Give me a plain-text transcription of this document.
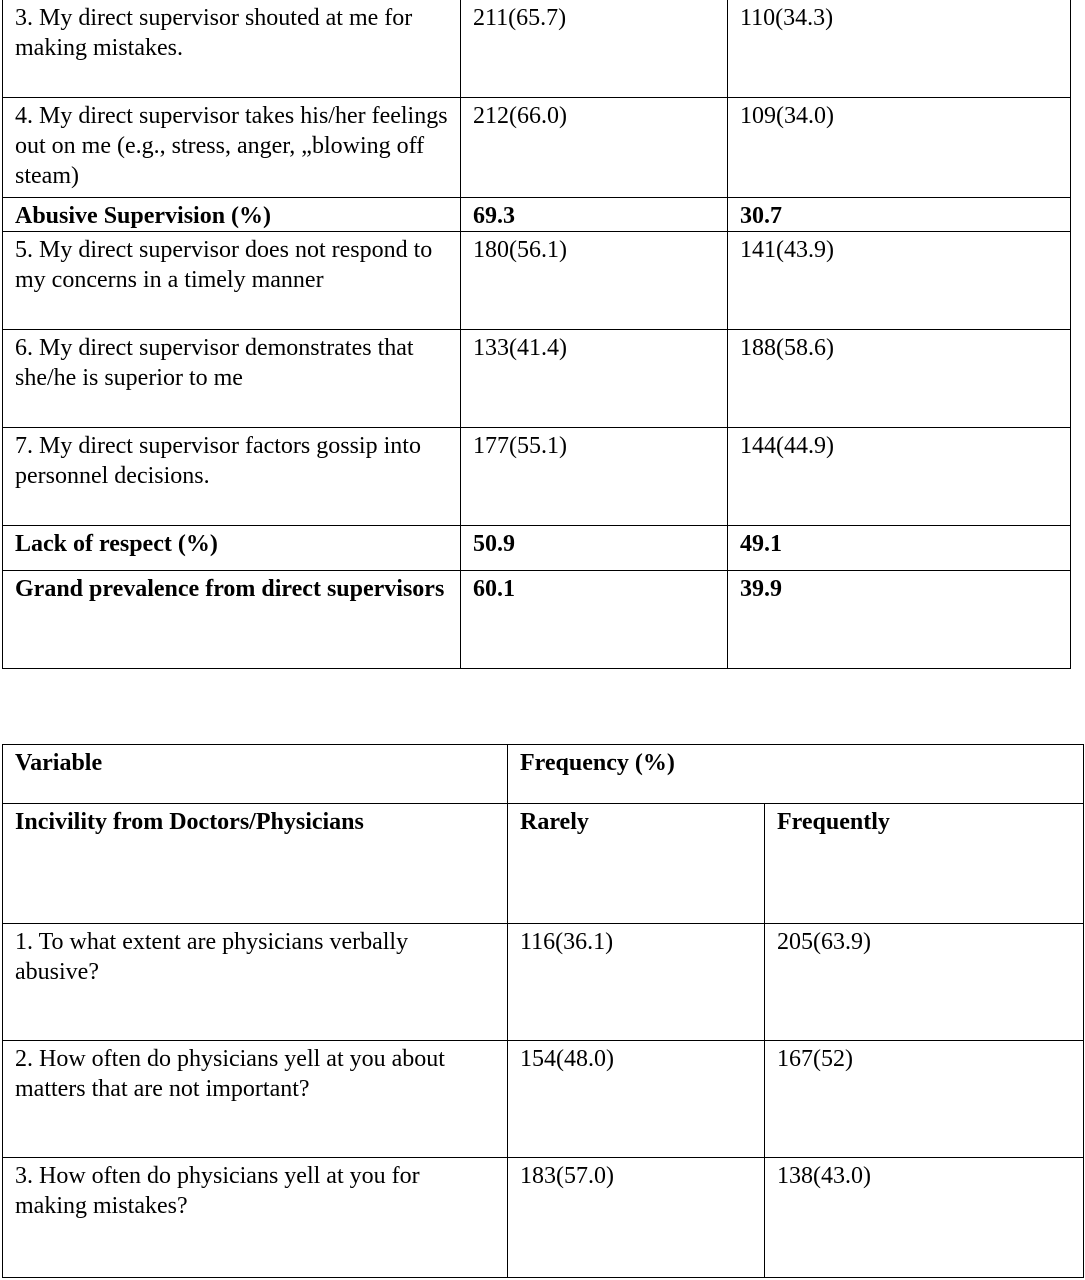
3. My direct supervisor shouted at me for making mistakes.	211(65.7)	110(34.3)
4. My direct supervisor takes his/her feelings out on me (e.g., stress, anger, „blowing off steam)	212(66.0)	109(34.0)
Abusive Supervision (%)	69.3	30.7
5. My direct supervisor does not respond to my concerns in a timely manner	180(56.1)	141(43.9)
6. My direct supervisor demonstrates that she/he is superior to me	133(41.4)	188(58.6)
7. My direct supervisor factors gossip into personnel decisions.	177(55.1)	144(44.9)
Lack of respect (%)	50.9	49.1
Grand prevalence from direct supervisors	60.1	39.9
Variable	Frequency (%)	
Incivility from Doctors/Physicians	Rarely	Frequently
1. To what extent are physicians verbally abusive?	116(36.1)	205(63.9)
2. How often do physicians yell at you about matters that are not important?	154(48.0)	167(52)
3. How often do physicians yell at you for making mistakes?	183(57.0)	138(43.0)
